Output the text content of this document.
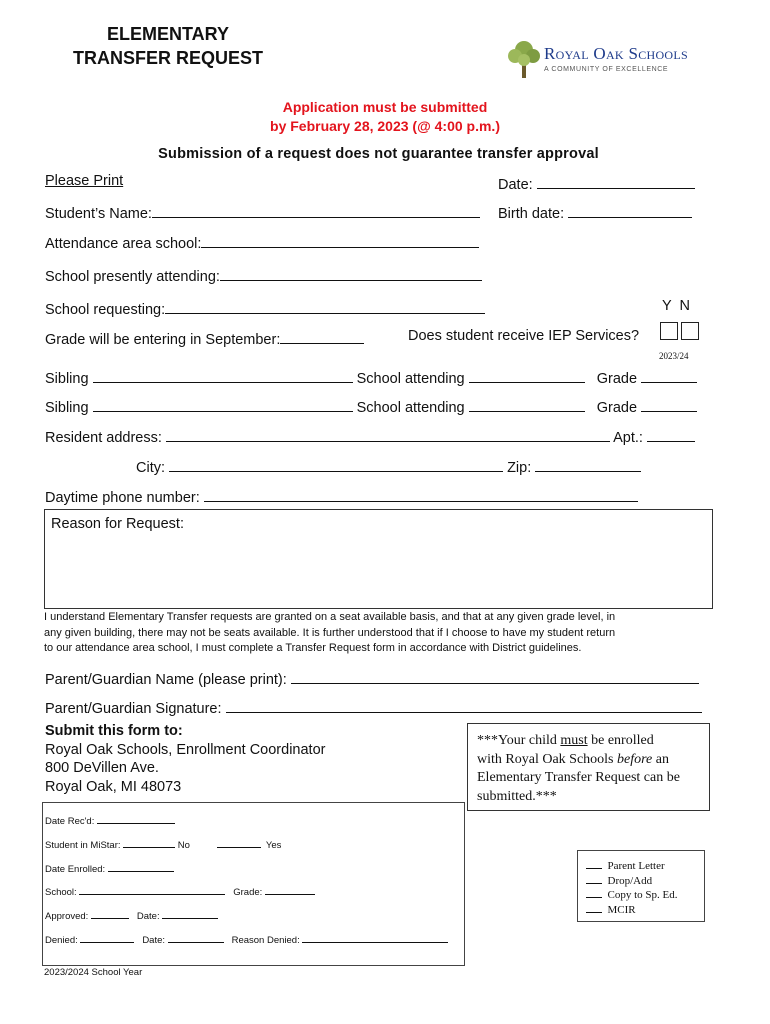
ELEMENTARY
TRANSFER REQUEST	Royal Oak Schools
A COMMUNITY OF EXCELLENCE
Application must be submitted
by February 28, 2023 (@ 4:00 p.m.)
Submission of a request does not guarantee transfer approval
Please Print	Date:
Student’s Name:	Birth date:
Attendance area school:
School presently attending:
School requesting:	Y  N
Grade will be entering in September:	Does student receive IEP Services?
2023/24
Sibling	School attending	Grade
Sibling	School attending	Grade
Resident address:	Apt.:
City:	Zip:
Daytime phone number:
Reason for Request:
I understand Elementary Transfer requests are granted on a seat available basis, and that at any given grade level, in
any given building, there may not be seats available. It is further understood that if I choose to have my student return
to our attendance area school, I must complete a Transfer Request form in accordance with District guidelines.
Parent/Guardian Name (please print):
Parent/Guardian Signature:
Submit this form to:
Royal Oak Schools, Enrollment Coordinator
800 DeVillen Ave.
Royal Oak, MI 48073
***Your child must be enrolled
with Royal Oak Schools before an
Elementary Transfer Request can be
submitted.***
Date Rec'd:
Student in MiStar:	No	Yes
Date Enrolled:
School:	Grade:
Approved:	Date:
Denied:	Date:	Reason Denied:
Parent Letter
Drop/Add
Copy to Sp. Ed.
MCIR
2023/2024 School Year
